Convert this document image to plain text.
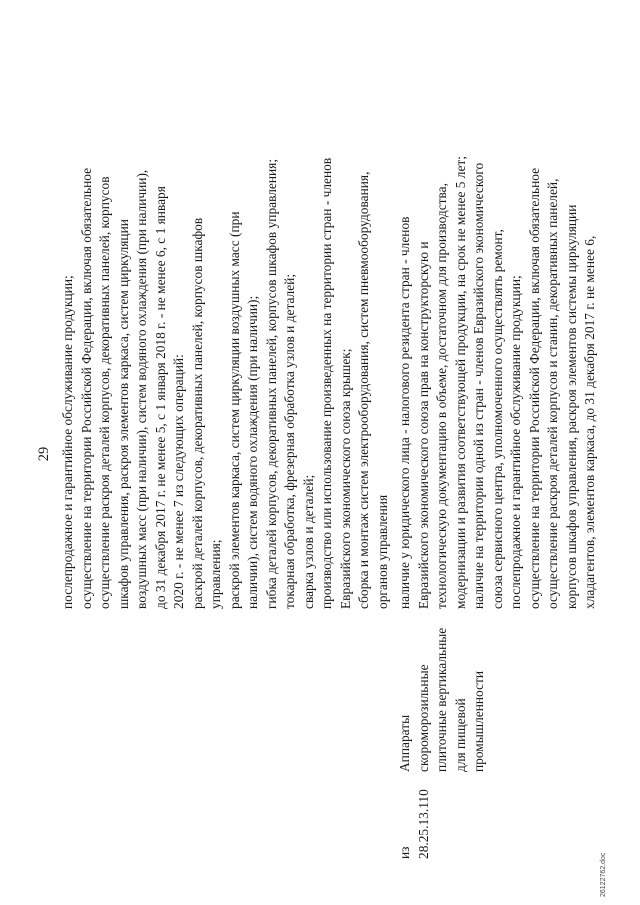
29 послепродажное и гарантийное обслуживание продукции; осуществление на территории Российской Федерации, включая обязательное осуществление раскроя деталей корпусов, декоративных панелей, корпусов шкафов управления, раскроя элементов каркаса, систем циркуляции воздушных масс (при наличии), систем водяного охлаждения (при наличии), до 31 декабря 2017 г. не менее 5, с 1 января 2018 г. - не менее 6, с 1 января 2020 г. - не менее 7 из следующих операций: раскрой деталей корпусов, декоративных панелей, корпусов шкафов управления; раскрой элементов каркаса, систем циркуляции воздушных масс (при наличии), систем водяного охлаждения (при наличии); гибка деталей корпусов, декоративных панелей, корпусов шкафов управления; токарная обработка, фрезерная обработка узлов и деталей; сварка узлов и деталей; производство или использование произведенных на территории стран - членов Евразийского экономического союза крышек; сборка и монтаж систем электрооборудования, систем пневмооборудования, органов управления
из 28.25.13.110
Аппараты скороморозильные плиточные вертикальные для пищевой промышленности
наличие у юридического лица - налогового резидента стран - членов Евразийского экономического союза прав на конструкторскую и технологическую документацию в объеме, достаточном для производства, модернизации и развития соответствующей продукции, на срок не менее 5 лет; наличие на территории одной из стран - членов Евразийского экономического союза сервисного центра, уполномоченного осуществлять ремонт, послепродажное и гарантийное обслуживание продукции; осуществление на территории Российской Федерации, включая обязательное осуществление раскроя деталей корпусов и станин, декоративных панелей, корпусов шкафов управления, раскроя элементов системы циркуляции хладагентов, элементов каркаса, до 31 декабря 2017 г. не менее 6,
26122762.doc
